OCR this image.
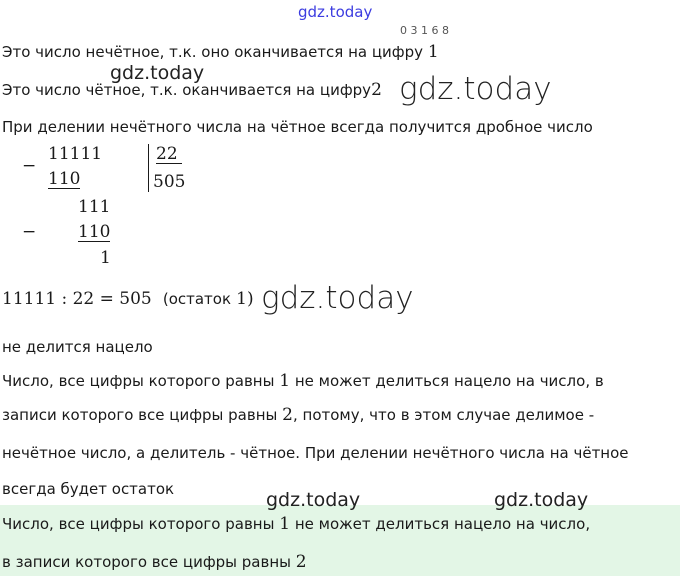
gdz.today
0 3 1 6 8
Это число нечётное, т.к. оно оканчивается на цифру 1
gdz.today
Это число чётное, т.к. оканчивается на цифру2 gdz.today
При делении нечётного числа на чётное всегда получится дробное число
−
11111
110
22
505
111
− 110
1
11111 : 22 = 505 (остаток 1) gdz.today
не делится нацело
Число, все цифры которого равны 1 не может делиться нацело на число, в
записи которого все цифры равны 2, потому, что в этом случае делимое -
нечётное число, а делитель - чётное. При делении нечётного числа на чётное
всегда будет остаток
Число, все цифры которого равны 1 не может делиться нацело на число,
в записи которого все цифры равны 2
gdz.today	gdz.today
